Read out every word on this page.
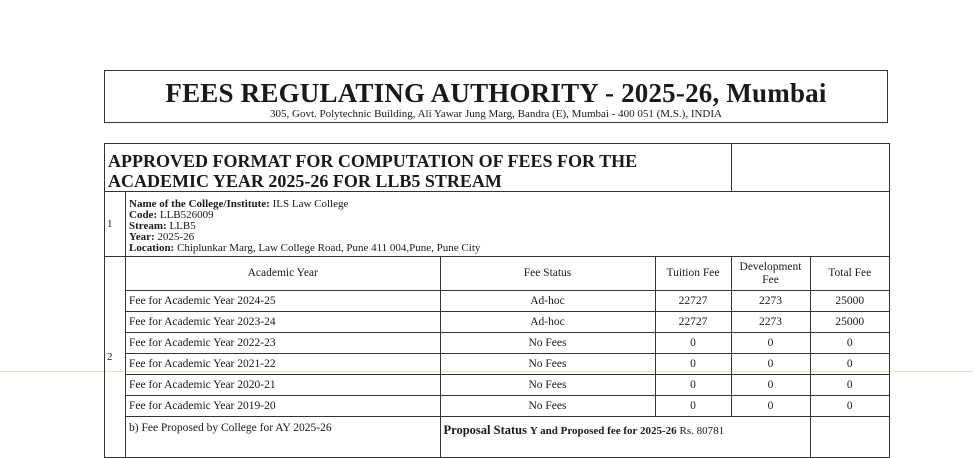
FEES REGULATING AUTHORITY - 2025-26, Mumbai
305, Govt. Polytechnic Building, Ali Yawar Jung Marg, Bandra (E), Mumbai - 400 051 (M.S.), INDIA
APPROVED FORMAT FOR COMPUTATION OF FEES FOR THE
ACADEMIC YEAR 2025-26 FOR LLB5 STREAM

1	
Name of the College/Institute: ILS Law College
Code: LLB526009
Stream: LLB5
Year: 2025-26
Location: Chiplunkar Marg, Law College Road, Pune 411 004,Pune, Pune City

2	
Academic Year	Fee Status	Tuition Fee	Development Fee	Total Fee
Fee for Academic Year 2024-25	Ad-hoc	22727	2273	25000
Fee for Academic Year 2023-24	Ad-hoc	22727	2273	25000
Fee for Academic Year 2022-23	No Fees	0	0	0
Fee for Academic Year 2021-22	No Fees	0	0	0
Fee for Academic Year 2020-21	No Fees	0	0	0
Fee for Academic Year 2019-20	No Fees	0	0	0
b) Fee Proposed by College for AY 2025-26	Proposal Status Y and Proposed fee for 2025-26 Rs. 80781	
